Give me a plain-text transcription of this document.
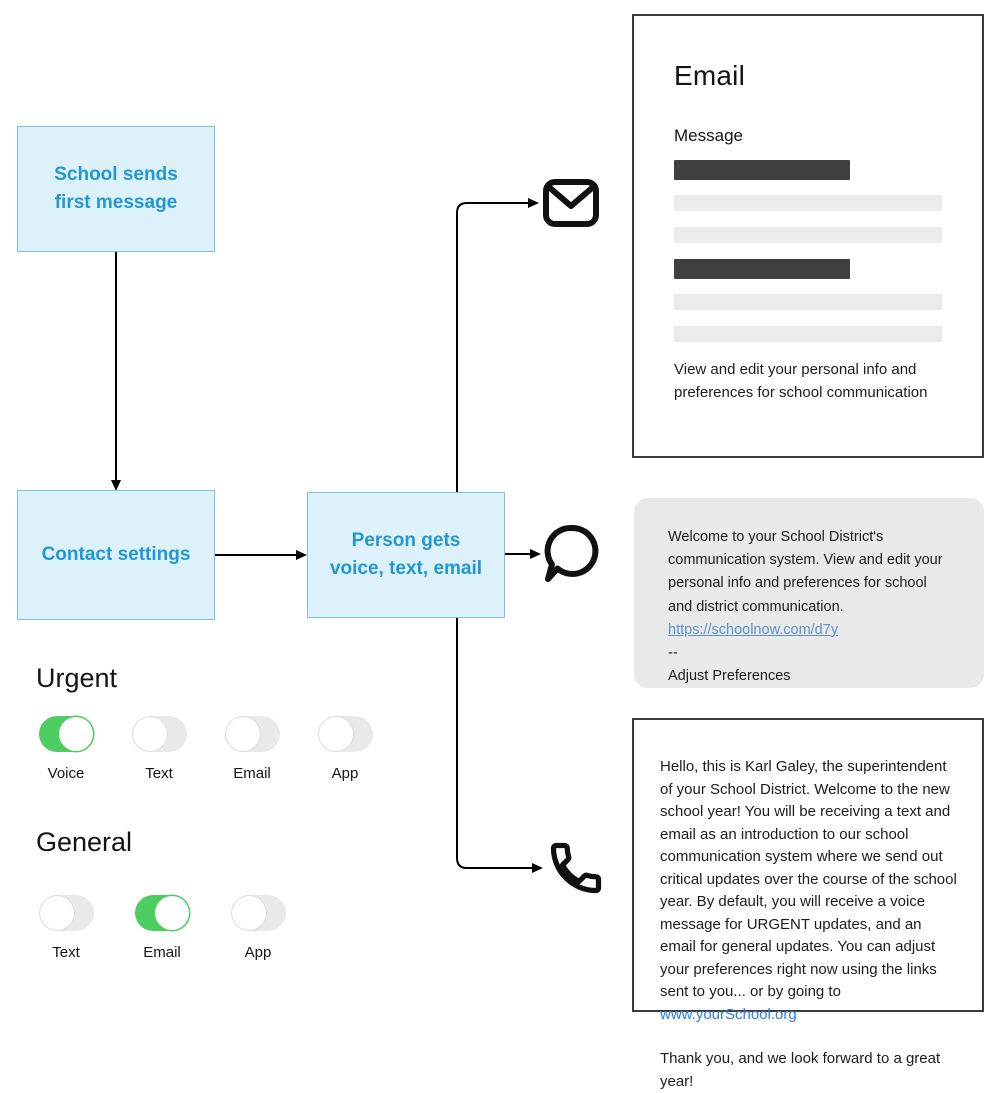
School sends
first message
Contact settings
Person gets
voice, text, email
Email
Message
View and edit your personal info and preferences for school communication
Welcome to your School District's communication system. View and edit your personal info and preferences for school and district communication.
https://schoolnow.com/d7y
--
Adjust Preferences
Hello, this is Karl Galey, the superintendent of your School District. Welcome to the new school year! You will be receiving a text and email as an introduction to our school communication system where we send out critical updates over the course of the school year. By default, you will receive a voice message for URGENT updates, and an email for general updates. You can adjust your preferences right now using the links sent to you... or by going to
www.yourSchool.org
Thank you, and we look forward to a great year!
Urgent
Voice	Text	Email	App
General
Text	Email	App
